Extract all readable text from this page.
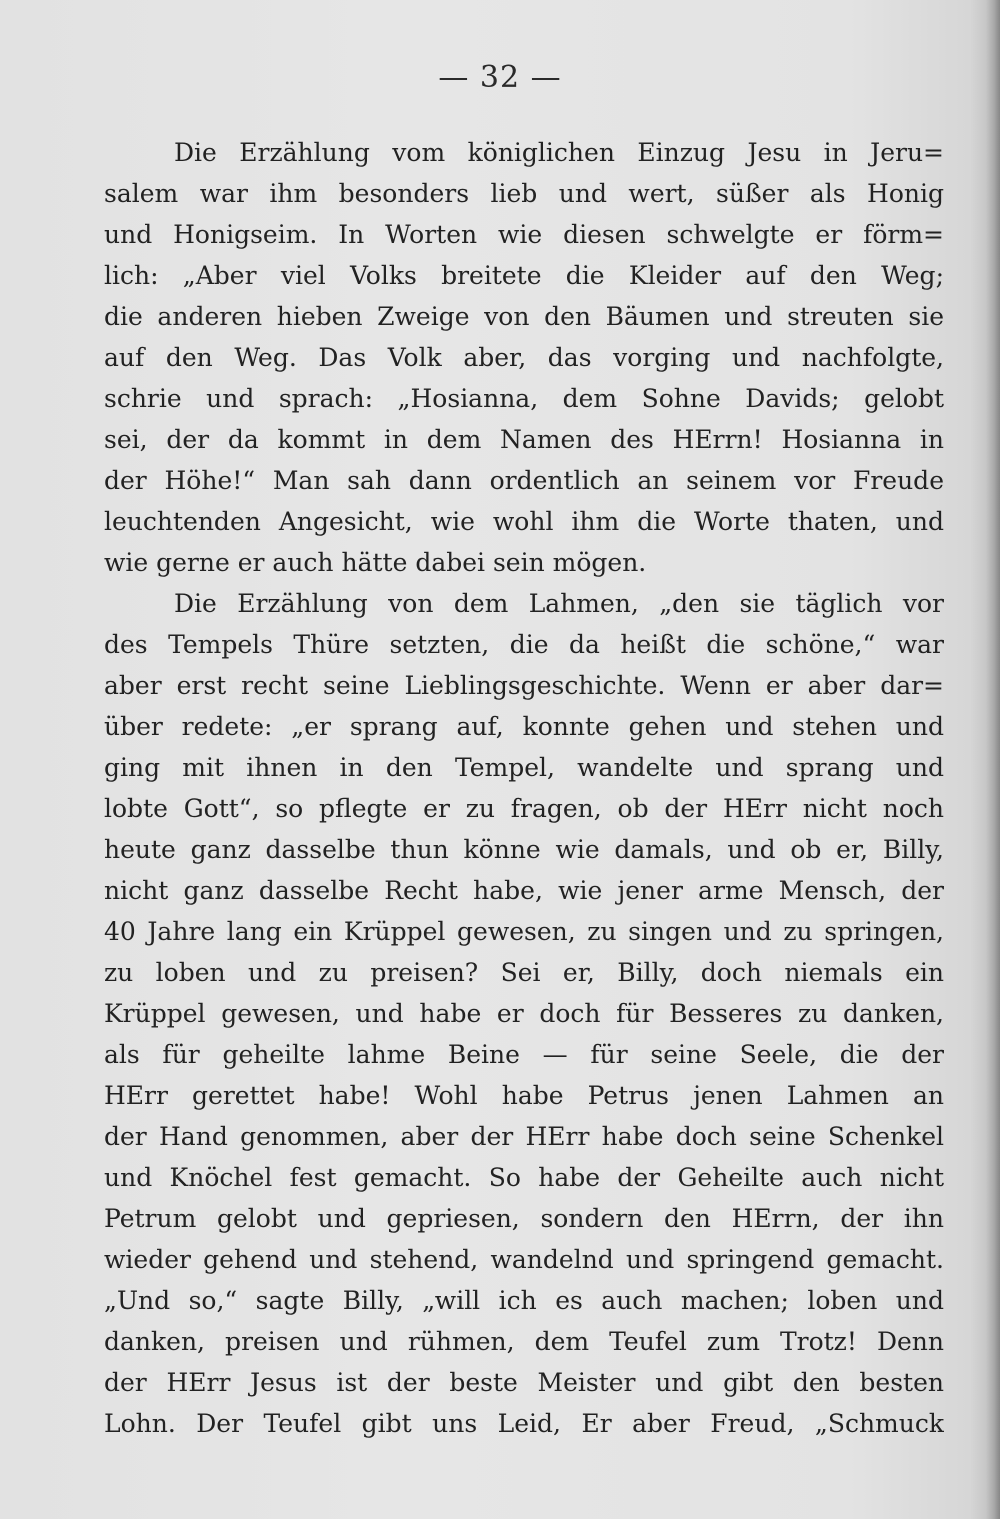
— 32 —
Die Erzählung vom königlichen Einzug Jesu in Jeru=
salem war ihm besonders lieb und wert, süßer als Honig
und Honigseim. In Worten wie diesen schwelgte er förm=
lich: „Aber viel Volks breitete die Kleider auf den Weg;
die anderen hieben Zweige von den Bäumen und streuten sie
auf den Weg. Das Volk aber, das vorging und nachfolgte,
schrie und sprach: „Hosianna, dem Sohne Davids; gelobt
sei, der da kommt in dem Namen des HErrn! Hosianna in
der Höhe!“ Man sah dann ordentlich an seinem vor Freude
leuchtenden Angesicht, wie wohl ihm die Worte thaten, und
wie gerne er auch hätte dabei sein mögen.
Die Erzählung von dem Lahmen, „den sie täglich vor
des Tempels Thüre setzten, die da heißt die schöne,“ war
aber erst recht seine Lieblingsgeschichte. Wenn er aber dar=
über redete: „er sprang auf, konnte gehen und stehen und
ging mit ihnen in den Tempel, wandelte und sprang und
lobte Gott“, so pflegte er zu fragen, ob der HErr nicht noch
heute ganz dasselbe thun könne wie damals, und ob er, Billy,
nicht ganz dasselbe Recht habe, wie jener arme Mensch, der
40 Jahre lang ein Krüppel gewesen, zu singen und zu springen,
zu loben und zu preisen? Sei er, Billy, doch niemals ein
Krüppel gewesen, und habe er doch für Besseres zu danken,
als für geheilte lahme Beine — für seine Seele, die der
HErr gerettet habe! Wohl habe Petrus jenen Lahmen an
der Hand genommen, aber der HErr habe doch seine Schenkel
und Knöchel fest gemacht. So habe der Geheilte auch nicht
Petrum gelobt und gepriesen, sondern den HErrn, der ihn
wieder gehend und stehend, wandelnd und springend gemacht.
„Und so,“ sagte Billy, „will ich es auch machen; loben und
danken, preisen und rühmen, dem Teufel zum Trotz! Denn
der HErr Jesus ist der beste Meister und gibt den besten
Lohn. Der Teufel gibt uns Leid, Er aber Freud, „Schmuck
